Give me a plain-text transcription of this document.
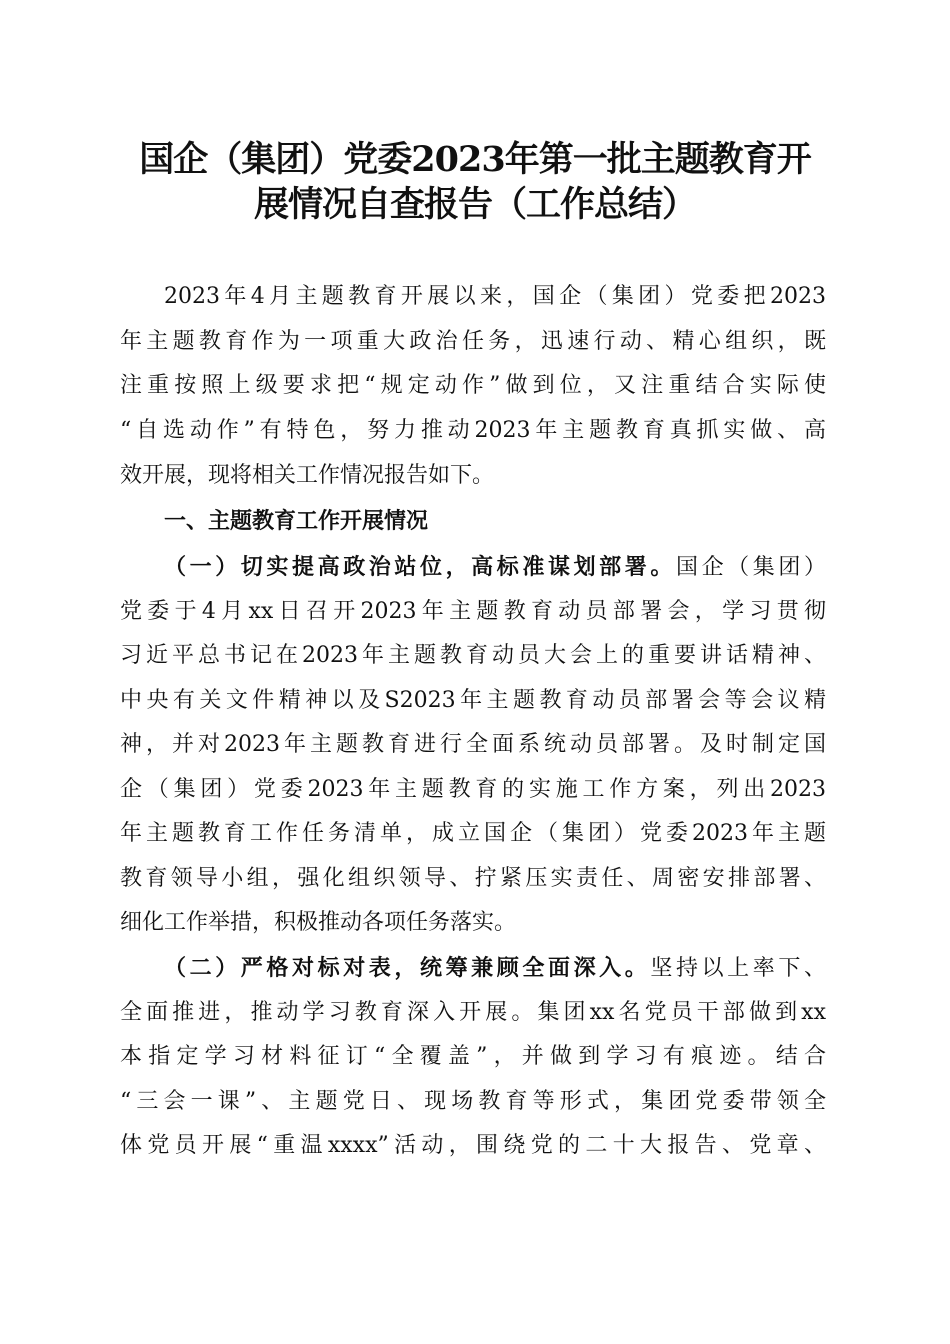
国企（集团）党委2023年第一批主题教育开
展情况自查报告（工作总结）
2023年4月主题教育开展以来，国企（集团）党委把2023
年主题教育作为一项重大政治任务，迅速行动、精心组织，既
注重按照上级要求把“规定动作”做到位，又注重结合实际使
“自选动作”有特色，努力推动2023年主题教育真抓实做、高
效开展，现将相关工作情况报告如下。
一、主题教育工作开展情况
（一）切实提高政治站位，高标准谋划部署。国企（集团）
党委于4月xx日召开2023年主题教育动员部署会，学习贯彻
习近平总书记在2023年主题教育动员大会上的重要讲话精神、
中央有关文件精神以及S2023年主题教育动员部署会等会议精
神，并对2023年主题教育进行全面系统动员部署。及时制定国
企（集团）党委2023年主题教育的实施工作方案，列出2023
年主题教育工作任务清单，成立国企（集团）党委2023年主题
教育领导小组，强化组织领导、拧紧压实责任、周密安排部署、
细化工作举措，积极推动各项任务落实。
（二）严格对标对表，统筹兼顾全面深入。坚持以上率下、
全面推进，推动学习教育深入开展。集团xx名党员干部做到xx
本指定学习材料征订“全覆盖”，并做到学习有痕迹。结合
“三会一课”、主题党日、现场教育等形式，集团党委带领全
体党员开展“重温xxxx”活动，围绕党的二十大报告、党章、
